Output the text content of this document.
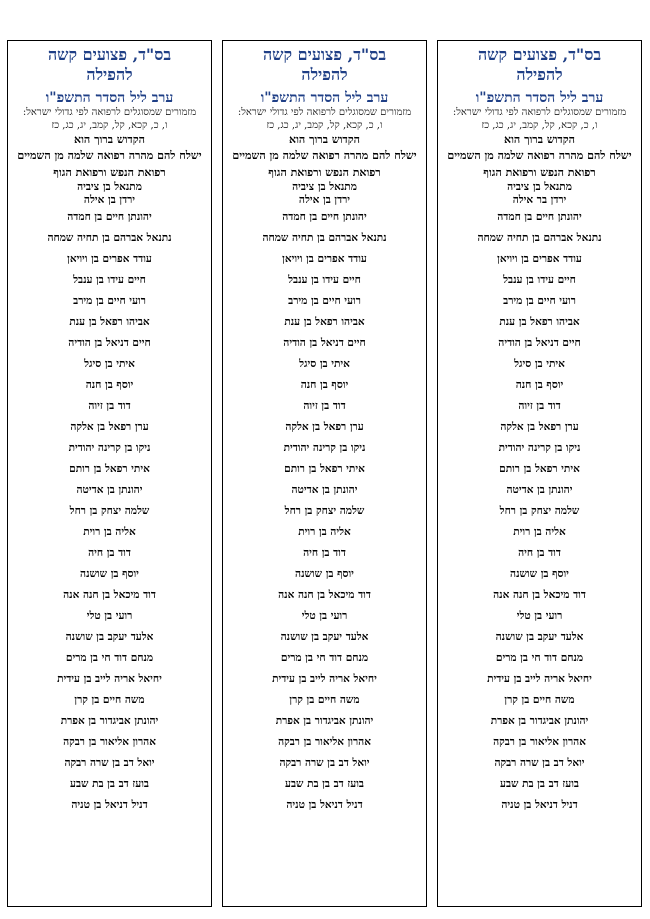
בס"ד, פצועים קשה
להפילה
ערב ליל הסדר התשפ"ו
מזמורים שמסוגלים לרפואה לפי גדולי ישראל:
ו, כ, קכא, קל, קמב, יג, כג, כז
הקדוש ברוך הוא
ישלח להם מהרה רפואה שלמה מן השמיים רפואת הנפש ורפואת הגוף
מתנאל בן ציביה
ירדן בן אילה
יהונתן חיים בן חמדה
נתנאל אברהם בן תחיה שמחה
עודד אפרים בן ויויאן
חיים עידו בן ענבל
רועי חיים בן מירב
אביהו רפאל בן ענת
חיים דניאל בן הודיה
איתי בן סיגל
יוסף בן חנה
דוד בן זיוה
ערן רפאל בן אלקה
ניקו בן קרינה יהודית
איתי רפאל בן רותם
יהונתן בן אדיטה
שלמה יצחק בן רחל
אליה בן רוית
דוד בן חיה
יוסף בן שושנה
דוד מיכאל בן חנה אנה
רועי בן טלי
אלעד יעקב בן שושנה
מנחם דוד חי בן מרים
יחיאל אריה לייב בן עידית
משה חיים בן קרן
יהונתן אביגדור בן אפרת
אהרון אליאור בן רבקה
יואל דב בן שרה רבקה
בועז דב בן בת שבע
דניל דניאל בן טניה
בס"ד, פצועים קשה
להפילה
ערב ליל הסדר התשפ"ו
מזמורים שמסוגלים לרפואה לפי גדולי ישראל:
ו, כ, קכא, קל, קמב, יג, כג, כז
הקדוש ברוך הוא
ישלח להם מהרה רפואה שלמה מן השמיים רפואת הנפש ורפואת הגוף
מתנאל בן ציביה
ירדן בן אילה
יהונתן חיים בן חמדה
נתנאל אברהם בן תחיה שמחה
עודד אפרים בן ויויאן
חיים עידו בן ענבל
רועי חיים בן מירב
אביהו רפאל בן ענת
חיים דניאל בן הודיה
איתי בן סיגל
יוסף בן חנה
דוד בן זיוה
ערן רפאל בן אלקה
ניקו בן קרינה יהודית
איתי רפאל בן רותם
יהונתן בן אדיטה
שלמה יצחק בן רחל
אליה בן רוית
דוד בן חיה
יוסף בן שושנה
דוד מיכאל בן חנה אנה
רועי בן טלי
אלעד יעקב בן שושנה
מנחם דוד חי בן מרים
יחיאל אריה לייב בן עידית
משה חיים בן קרן
יהונתן אביגדור בן אפרת
אהרון אליאור בן רבקה
יואל דב בן שרה רבקה
בועז דב בן בת שבע
דניל דניאל בן טניה
בס"ד, פצועים קשה
להפילה
ערב ליל הסדר התשפ"ו
מזמורים שמסוגלים לרפואה לפי גדולי ישראל:
ו, כ, קכא, קל, קמב, יג, כג, כז
הקדוש ברוך הוא
ישלח להם מהרה רפואה שלמה מן השמיים רפואת הנפש ורפואת הגוף
מתנאל בן ציביה
ירדן בר אילה
יהונתן חיים בן חמדה
נתנאל אברהם בן תחיה שמחה
עודד אפרים בן ויויאן
חיים עידו בן ענבל
רועי חיים בן מירב
אביהו רפאל בן ענת
חיים דניאל בן הודיה
איתי בן סיגל
יוסף בן חנה
דוד בן זיוה
ערן רפאל בן אלקה
ניקו בן קרינה יהודית
איתי רפאל בן רותם
יהונתן בן אדיטה
שלמה יצחק בן רחל
אליה בן רוית
דוד בן חיה
יוסף בן שושנה
דוד מיכאל בן חנה אנה
רועי בן טלי
אלעד יעקב בן שושנה
מנחם דוד חי בן מרים
יחיאל אריה לייב בן עידית
משה חיים בן קרן
יהונתן אביגדור בן אפרת
אהרון אליאור בן רבקה
יואל דב בן שרה רבקה
בועז דב בן בת שבע
דניל דניאל בן טניה
